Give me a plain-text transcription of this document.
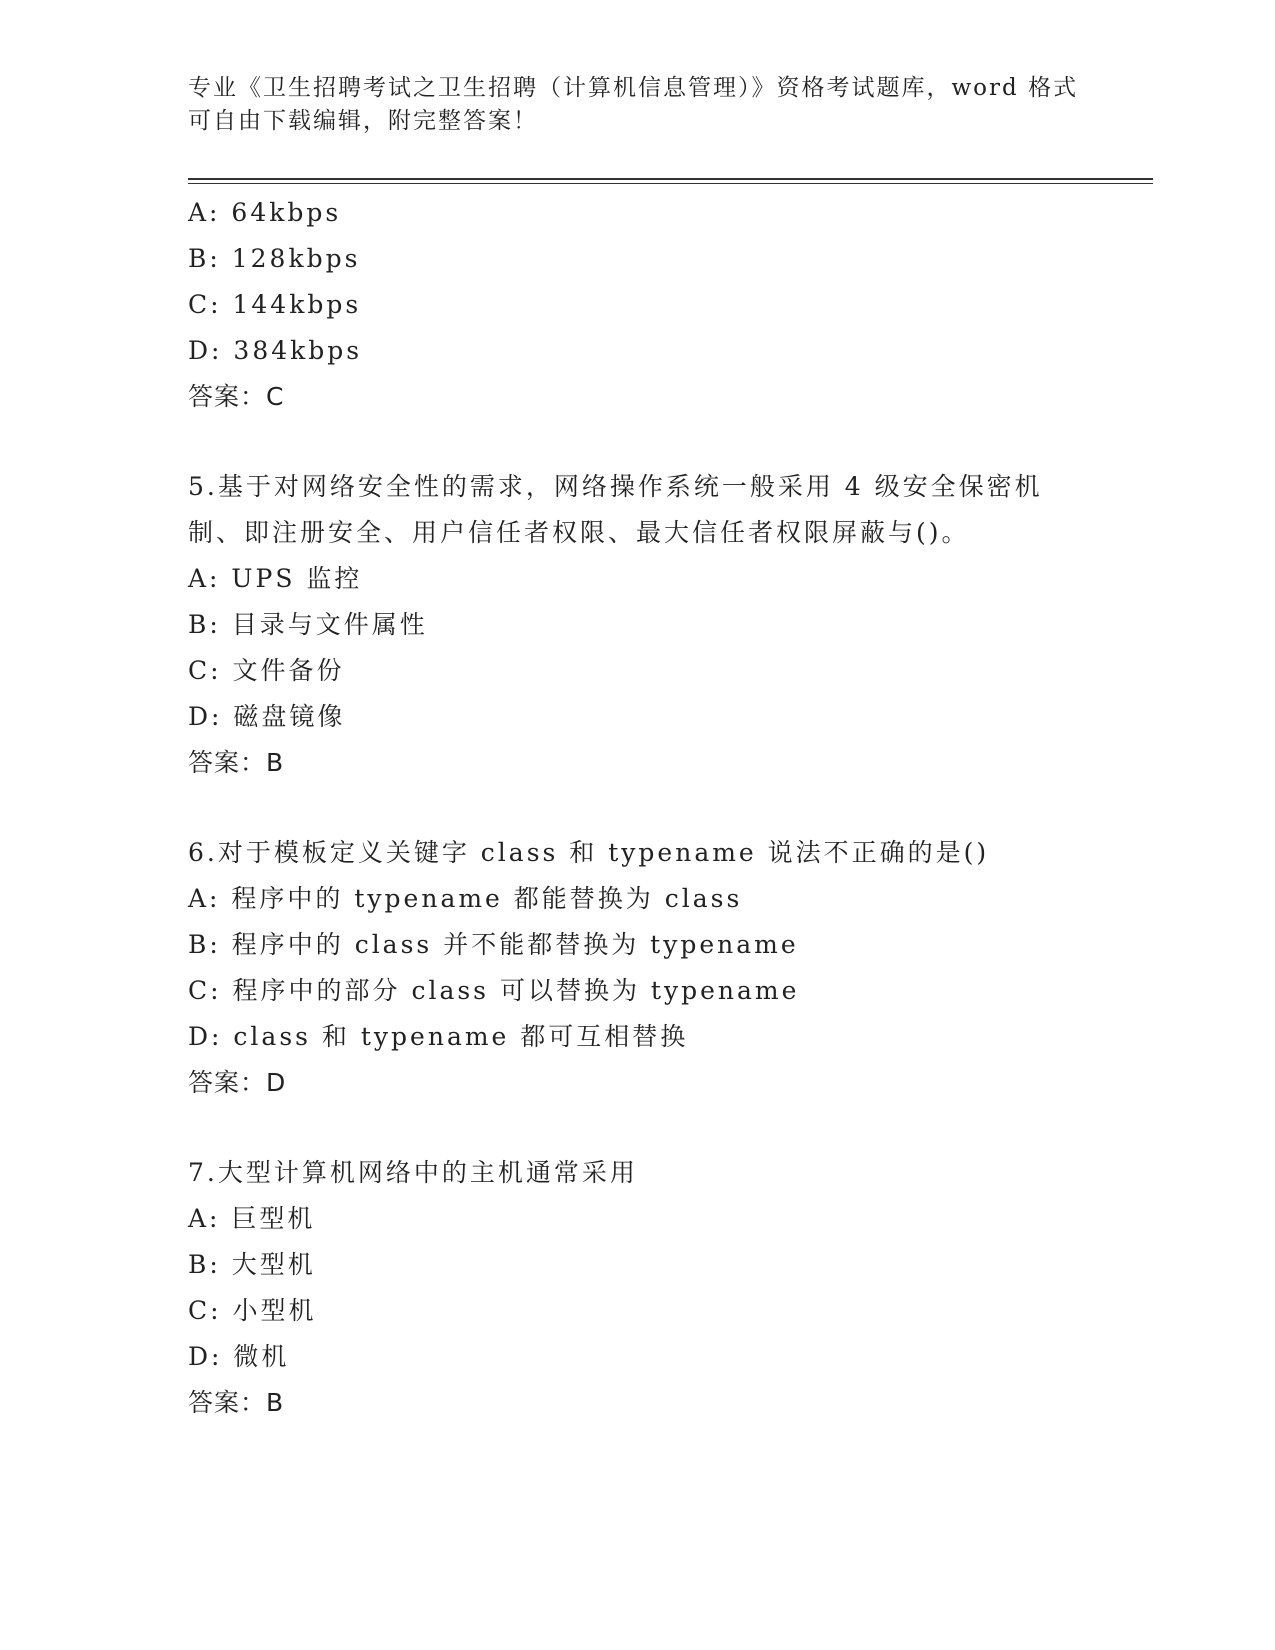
专业《卫生招聘考试之卫生招聘（计算机信息管理）》资格考试题库，word 格式

可自由下载编辑，附完整答案！

A: 64kbps

B: 128kbps

C: 144kbps

D: 384kbps

答案：C

5.基于对网络安全性的需求，网络操作系统一般采用 4 级安全保密机

制、即注册安全、用户信任者权限、最大信任者权限屏蔽与()。

A: UPS 监控

B: 目录与文件属性

C: 文件备份

D: 磁盘镜像

答案：B

6.对于模板定义关键字 class 和 typename 说法不正确的是()

A: 程序中的 typename 都能替换为 class

B: 程序中的 class 并不能都替换为 typename

C: 程序中的部分 class 可以替换为 typename

D: class 和 typename 都可互相替换

答案：D

7.大型计算机网络中的主机通常采用

A: 巨型机

B: 大型机

C: 小型机

D: 微机

答案：B
